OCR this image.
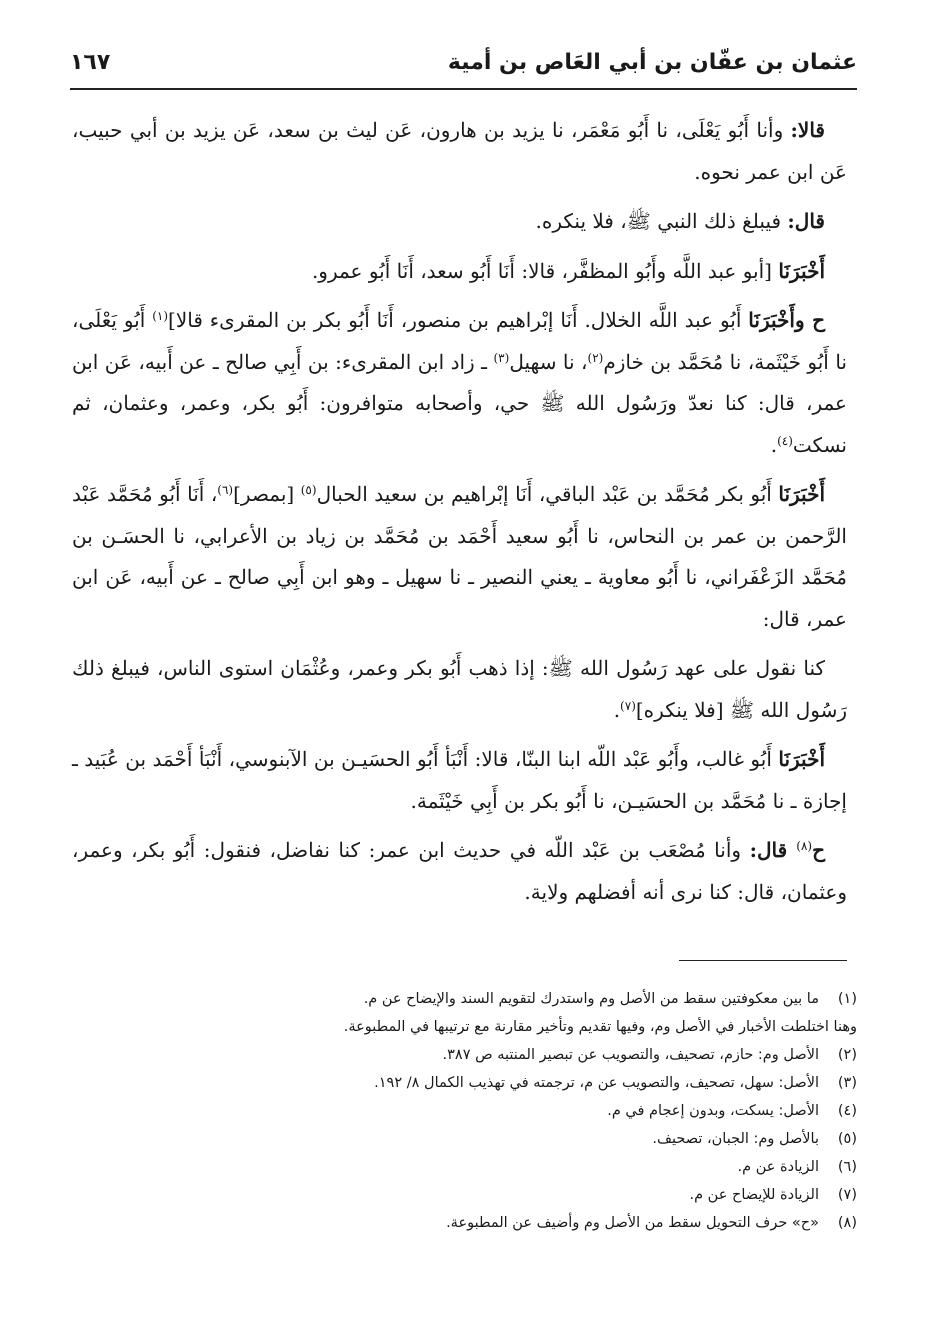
عثمان بن عفّان بن أبي العَاص بن أمية
١٦٧

قالا: وأنا أَبُو يَعْلَى، نا أَبُو مَعْمَر، نا يزيد بن هارون، عَن ليث بن سعد، عَن يزيد بن أبي حبيب، عَن ابن عمر نحوه.

قال: فيبلغ ذلك النبي ﷺ، فلا ينكره.

أَخْبَرَنَا [أبو عبد اللَّه وأَبُو المظفَّر، قالا: أَنَا أَبُو سعد، أَنَا أَبُو عمرو.

ح وأَخْبَرَنَا أَبُو عبد اللَّه الخلال. أَنَا إبْراهيم بن منصور، أَنَا أَبُو بكر بن المقرىء قالا]$^{(١)}$ أَبُو يَعْلَى، نا أَبُو خَيْثَمة، نا مُحَمَّد بن خازم$^{(٢)}$، نا سهيل$^{(٣)}$ ـ زاد ابن المقرىء: بن أَبِي صالح ـ عن أَبيه، عَن ابن عمر، قال: كنا نعدّ ورَسُول الله ﷺ حي، وأصحابه متوافرون: أَبُو بكر، وعمر، وعثمان، ثم نسكت$^{(٤)}$.

أَخْبَرَنَا أَبُو بكر مُحَمَّد بن عَبْد الباقي، أَنَا إبْراهيم بن سعيد الحبال$^{(٥)}$ [بمصر]$^{(٦)}$، أَنَا أَبُو مُحَمَّد عَبْد الرَّحمن بن عمر بن النحاس، نا أَبُو سعيد أَحْمَد بن مُحَمَّد بن زياد بن الأعرابي، نا الحسَـن بن مُحَمَّد الزَعْفَراني، نا أَبُو معاوية ـ يعني النصير ـ نا سهيل ـ وهو ابن أَبِي صالح ـ عن أَبيه، عَن ابن عمر، قال:

كنا نقول على عهد رَسُول الله ﷺ: إذا ذهب أَبُو بكر وعمر، وعُثْمَان استوى الناس، فيبلغ ذلك رَسُول الله ﷺ [فلا ينكره]$^{(٧)}$.

أَخْبَرَنَا أَبُو غالب، وأَبُو عَبْد اللّه ابنا البنّا، قالا: أَنْبَأ أَبُو الحسَيـن بن الآبنوسي، أَنْبَأ أَحْمَد بن عُبَيد ـ إجازة ـ نا مُحَمَّد بن الحسَيـن، نا أَبُو بكر بن أَبِي خَيْثَمة.

ح$^{(٨)}$ قال: وأنا مُصْعَب بن عَبْد اللّه في حديث ابن عمر: كنا نفاضل، فنقول: أَبُو بكر، وعمر، وعثمان، قال: كنا نرى أنه أفضلهم ولاية.

(١)
ما بين معكوفتين سقط من الأصل وم واستدرك لتقويم السند والإيضاح عن م.
وهنا اختلطت الأخبار في الأصل وم، وفيها تقديم وتأخير مقارنة مع ترتيبها في المطبوعة.
(٢)
الأصل وم: حازم، تصحيف، والتصويب عن تبصير المنتبه ص ٣٨٧.
(٣)
الأصل: سهل، تصحيف، والتصويب عن م، ترجمته في تهذيب الكمال ٨/ ١٩٢.
(٤)
الأصل: يسكت، وبدون إعجام في م.
(٥)
بالأصل وم: الجبان، تصحيف.
(٦)
الزيادة عن م.
(٧)
الزيادة للإيضاح عن م.
(٨)
«ح» حرف التحويل سقط من الأصل وم وأضيف عن المطبوعة.
